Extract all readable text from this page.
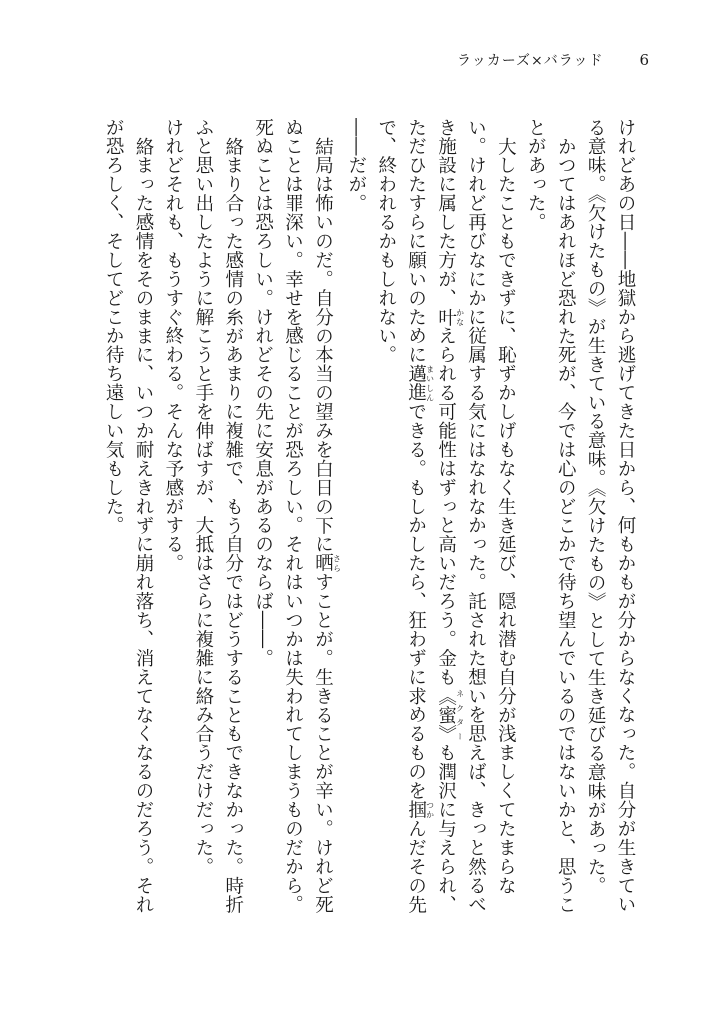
ラッカーズ×バラッド 6

けれどあの日――地獄から逃げてきた日から、何もかもが分からなくなった。自分が生きている意味。《欠けたもの》が生きている意味。《欠けたもの》として生き延びる意味があった。

かつてはあれほど恐れた死が、今では心のどこかで待ち望んでいるのではないかと、思うことがあった。

大したこともできずに、恥ずかしげもなく生き延び、隠れ潜む自分が浅ましくてたまらない。けれど再びなにかに従属する気にはなれなかった。託された想いを思えば、きっと然るべき施設に属した方が、叶 かなえられる可能性はずっと高いだろう。金も《蜜》 ネクターも潤沢に与えられ、ただひたすらに願いのために邁進 まいしんできる。もしかしたら、狂わずに求めるものを掴 つかんだその先で、終われるかもしれない。

――だが。

結局は怖いのだ。自分の本当の望みを白日の下に晒 さらすことが。生きることが辛い。けれど死ぬことは罪深い。幸せを感じることが恐ろしい。それはいつかは失われてしまうものだから。死ぬことは恐ろしい。けれどその先に安息があるのならば――。

絡まり合った感情の糸があまりに複雑で、もう自分ではどうすることもできなかった。時折ふと思い出したように解こうと手を伸ばすが、大抵はさらに複雑に絡み合うだけだった。

けれどそれも、もうすぐ終わる。そんな予感がする。

絡まった感情をそのままに、いつか耐えきれずに崩れ落ち、消えてなくなるのだろう。それが恐ろしく、そしてどこか待ち遠しい気もした。
